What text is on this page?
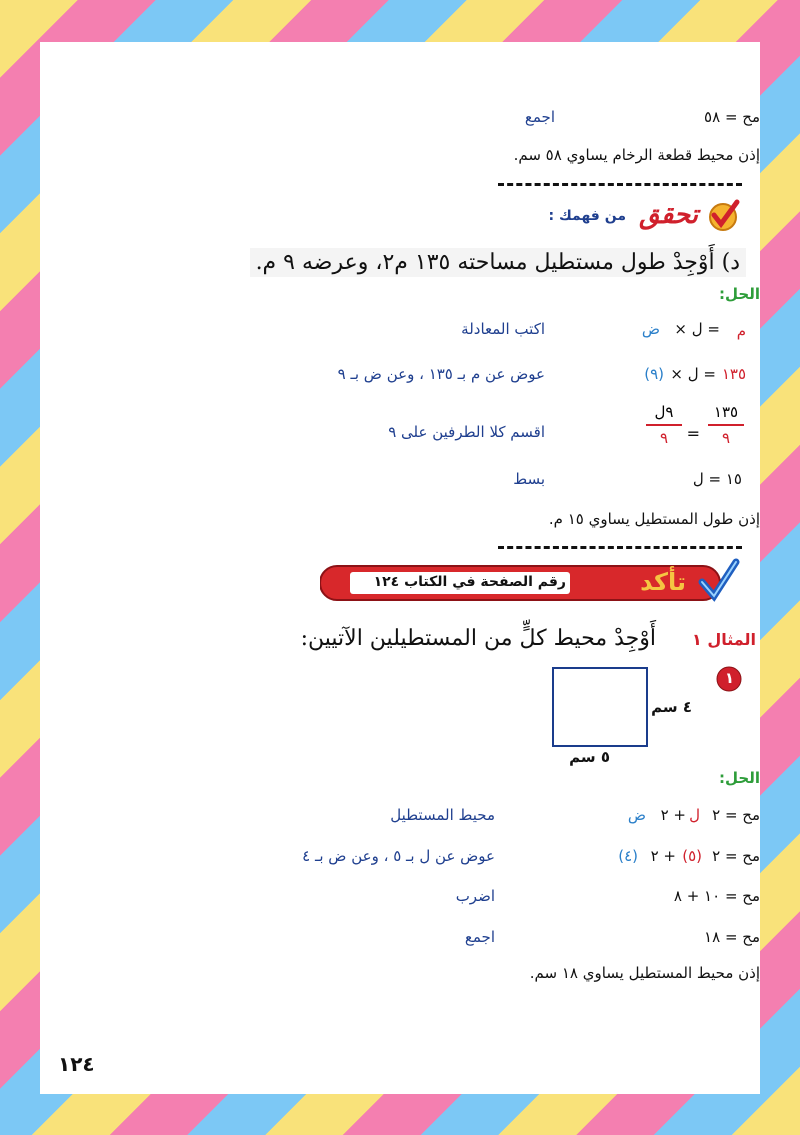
مح = ٥٨
اجمع
إذن محيط قطعة الرخام يساوي ٥٨ سم.
تحقق
من فهمك :
د) أَوْجِدْ طول مستطيل مساحته ١٣٥ م٢، وعرضه ٩ م.
الحل:
م
= ل ×
ض
اكتب المعادلة
١٣٥
= ل ×
(٩)
عوض عن م بـ ١٣٥ ، وعن ض بـ ٩
١٣٥
٩
=
٩ل
٩
اقسم كلا الطرفين على ٩
١٥ = ل
بسط
إذن طول المستطيل يساوي ١٥ م.
تأكد
رقم الصفحة في الكتاب ١٢٤
المثال ١
أَوْجِدْ محيط كلٍّ من المستطيلين الآتيين:
١
٤ سم
٥ سم
الحل:
مح = ٢
ل
+ ٢
ض
محيط المستطيل
مح = ٢
(٥)
+ ٢
(٤)
عوض عن ل بـ ٥ ، وعن ض بـ ٤
مح = ١٠ + ٨
اضرب
مح = ١٨
اجمع
إذن محيط المستطيل يساوي ١٨ سم.
١٢٤
